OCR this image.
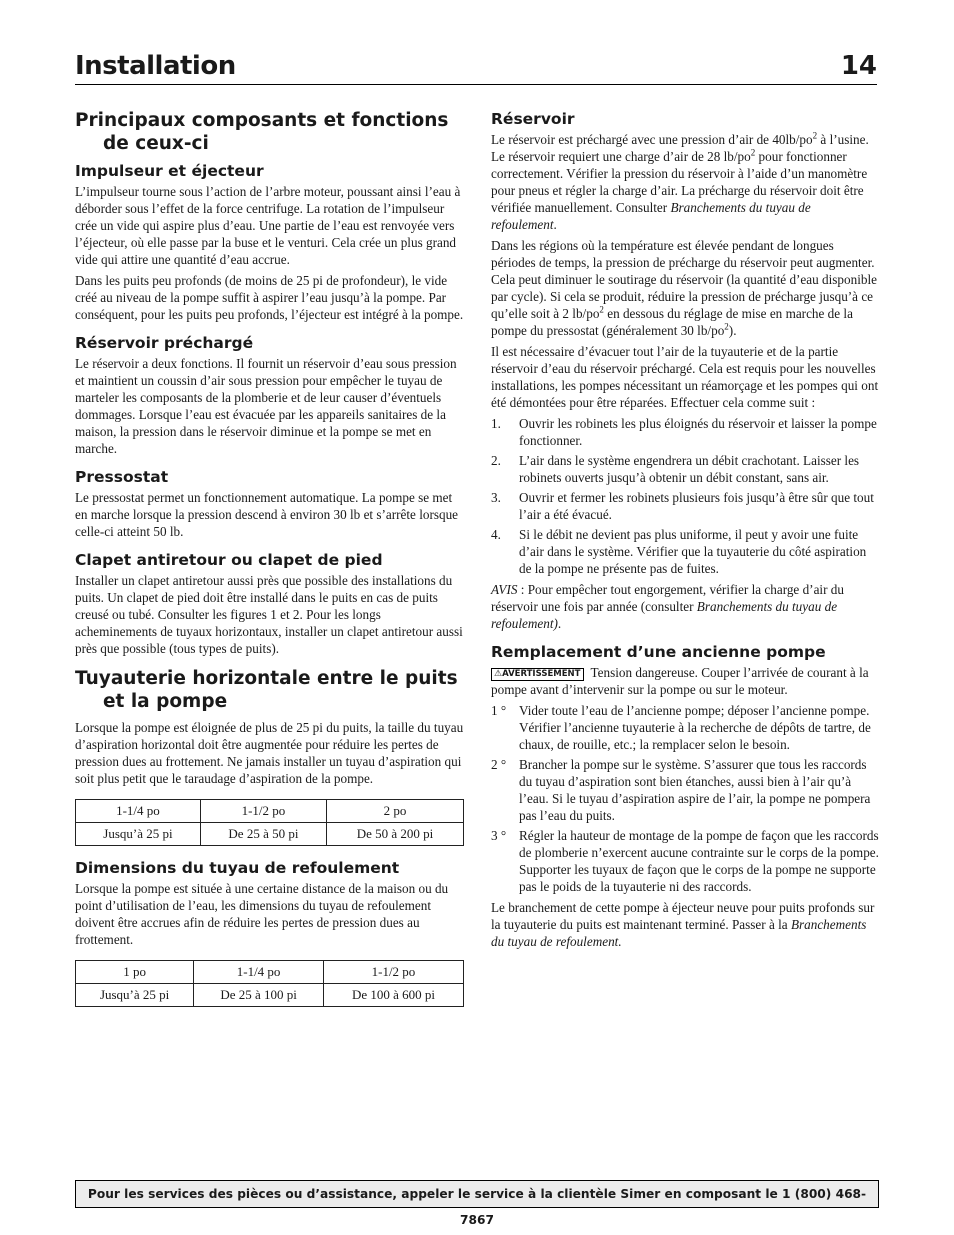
Installation	14
Principaux composants et fonctions de ceux-ci
Impulseur et éjecteur

L’impulseur tourne sous l’action de l’arbre moteur, poussant ainsi l’eau à déborder sous l’effet de la force centrifuge. La rotation de l’impulseur crée un vide qui aspire plus d’eau. Une partie de l’eau est renvoyée vers l’éjecteur, où elle passe par la buse et le venturi. Cela crée un plus grand vide qui attire une quantité d’eau accrue.

Dans les puits peu profonds (de moins de 25 pi de profondeur), le vide créé au niveau de la pompe suffit à aspirer l’eau jusqu’à la pompe. Par conséquent, pour les puits peu profonds, l’éjecteur est intégré à la pompe.

Réservoir préchargé

Le réservoir a deux fonctions. Il fournit un réservoir d’eau sous pression et maintient un coussin d’air sous pression pour empêcher le tuyau de marteler les composants de la plomberie et de leur causer d’éventuels dommages. Lorsque l’eau est évacuée par les appareils sanitaires de la maison, la pression dans le réservoir diminue et la pompe se met en marche.

Pressostat

Le pressostat permet un fonctionnement automatique. La pompe se met en marche lorsque la pression descend à environ 30 lb et s’arrête lorsque celle-ci atteint 50 lb.

Clapet antiretour ou clapet de pied

Installer un clapet antiretour aussi près que possible des installations du puits. Un clapet de pied doit être installé dans le puits en cas de puits creusé ou tubé. Consulter les figures 1 et 2. Pour les longs acheminements de tuyaux horizontaux, installer un clapet antiretour aussi près que possible (tous types de puits).

Tuyauterie horizontale entre le puits et la pompe

Lorsque la pompe est éloignée de plus de 25 pi du puits, la taille du tuyau d’aspiration horizontal doit être augmentée pour réduire les pertes de pression dues au frottement. Ne jamais installer un tuyau d’aspiration qui soit plus petit que le taraudage d’aspiration de la pompe.

1-1/4 po	1-1/2 po	2 po
Jusqu’à 25 pi	De 25 à 50 pi	De 50 à 200 pi
Dimensions du tuyau de refoulement

Lorsque la pompe est située à une certaine distance de la maison ou du point d’utilisation de l’eau, les dimensions du tuyau de refoulement doivent être accrues afin de réduire les pertes de pression dues au frottement.

1 po	1-1/4 po	1-1/2 po
Jusqu’à 25 pi	De 25 à 100 pi	De 100 à 600 pi
Réservoir

Le réservoir est préchargé avec une pression d’air de $40lb/po^2$ à l’usine. Le réservoir requiert une charge d’air de 28 $lb/po^2$ pour fonctionner correctement. Vérifier la pression du réservoir à l’aide d’un manomètre pour pneus et régler la charge d’air. La précharge du réservoir doit être vérifiée manuellement. Consulter Branchements du tuyau de refoulement.

Dans les régions où la température est élevée pendant de longues périodes de temps, la pression de précharge du réservoir peut augmenter. Cela peut diminuer le soutirage du réservoir (la quantité d’eau disponible par cycle). Si cela se produit, réduire la pression de précharge jusqu’à ce qu’elle soit à 2 $lb/po^2$ en dessous du réglage de mise en marche de la pompe du pressostat (généralement 30 $lb/po^2$).

Il est nécessaire d’évacuer tout l’air de la tuyauterie et de la partie réservoir d’eau du réservoir préchargé. Cela est requis pour les nouvelles installations, les pompes nécessitant un réamorçage et les pompes qui ont été démontées pour être réparées. Effectuer cela comme suit :

1. Ouvrir les robinets les plus éloignés du réservoir et laisser la pompe fonctionner.
2. L’air dans le système engendrera un débit crachotant. Laisser les robinets ouverts jusqu’à obtenir un débit constant, sans air.
3. Ouvrir et fermer les robinets plusieurs fois jusqu’à être sûr que tout l’air a été évacué.
4. Si le débit ne devient pas plus uniforme, il peut y avoir une fuite d’air dans le système. Vérifier que la tuyauterie du côté aspiration de la pompe ne présente pas de fuites.

AVIS : Pour empêcher tout engorgement, vérifier la charge d’air du réservoir une fois par année (consulter Branchements du tuyau de refoulement).

Remplacement d’une ancienne pompe

⚠AVERTISSEMENT Tension dangereuse. Couper l’arrivée de courant à la pompe avant d’intervenir sur la pompe ou sur le moteur.

1 ° Vider toute l’eau de l’ancienne pompe; déposer l’ancienne pompe. Vérifier l’ancienne tuyauterie à la recherche de dépôts de tartre, de chaux, de rouille, etc.; la remplacer selon le besoin.
2 ° Brancher la pompe sur le système. S’assurer que tous les raccords du tuyau d’aspiration sont bien étanches, aussi bien à l’air qu’à l’eau. Si le tuyau d’aspiration aspire de l’air, la pompe ne pompera pas l’eau du puits.
3 ° Régler la hauteur de montage de la pompe de façon que les raccords de plomberie n’exercent aucune contrainte sur le corps de la pompe. Supporter les tuyaux de façon que le corps de la pompe ne supporte pas le poids de la tuyauterie ni des raccords.

Le branchement de cette pompe à éjecteur neuve pour puits profonds sur la tuyauterie du puits est maintenant terminé. Passer à la Branchements du tuyau de refoulement.

Pour les services des pièces ou d’assistance, appeler le service à la clientèle Simer en composant le 1 (800) 468-7867
